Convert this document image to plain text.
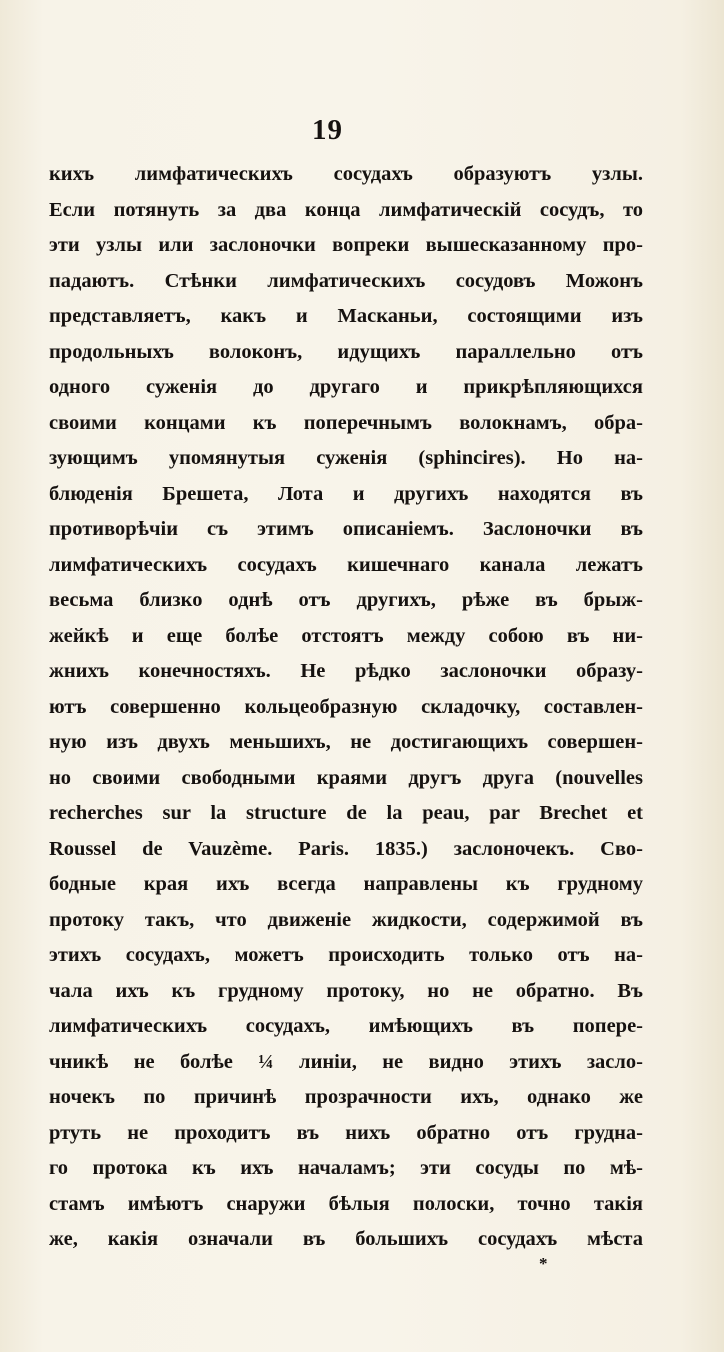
19
кихъ лимфатическихъ сосудахъ образуютъ узлы.
Если потянуть за два конца лимфатическій сосудъ, то
эти узлы или заслоночки вопреки вышесказанному про-
падаютъ. Стѣнки лимфатическихъ сосудовъ Можонъ
представляетъ, какъ и Масканьи, состоящими изъ
продольныхъ волоконъ, идущихъ параллельно отъ
одного суженія до другаго и прикрѣпляющихся
своими концами къ поперечнымъ волокнамъ, обра-
зующимъ упомянутыя суженія (sphincires). Но на-
блюденія Брешета, Лота и другихъ находятся въ
противорѣчіи съ этимъ описаніемъ. Заслоночки въ
лимфатическихъ сосудахъ кишечнаго канала лежатъ
весьма близко однѣ отъ другихъ, рѣже въ брыж-
жейкѣ и еще болѣе отстоятъ между собою въ ни-
жнихъ конечностяхъ. Не рѣдко заслоночки образу-
ютъ совершенно кольцеобразную складочку, составлен-
ную изъ двухъ меньшихъ, не достигающихъ совершен-
но своими свободными краями другъ друга (nouvelles
recherches sur la structure de la peau, par Brechet et
Roussel de Vauzème. Paris. 1835.) заслоночекъ. Сво-
бодные края ихъ всегда направлены къ грудному
протоку такъ, что движеніе жидкости, содержимой въ
этихъ сосудахъ, можетъ происходить только отъ на-
чала ихъ къ грудному протоку, но не обратно. Въ
лимфатическихъ сосудахъ, имѣющихъ въ попере-
чникѣ не болѣе ¼ линіи, не видно этихъ засло-
ночекъ по причинѣ прозрачности ихъ, однако же
ртуть не проходитъ въ нихъ обратно отъ грудна-
го протока къ ихъ началамъ; эти сосуды по мѣ-
стамъ имѣютъ снаружи бѣлыя полоски, точно такія
же, какія означали въ большихъ сосудахъ мѣста
*
